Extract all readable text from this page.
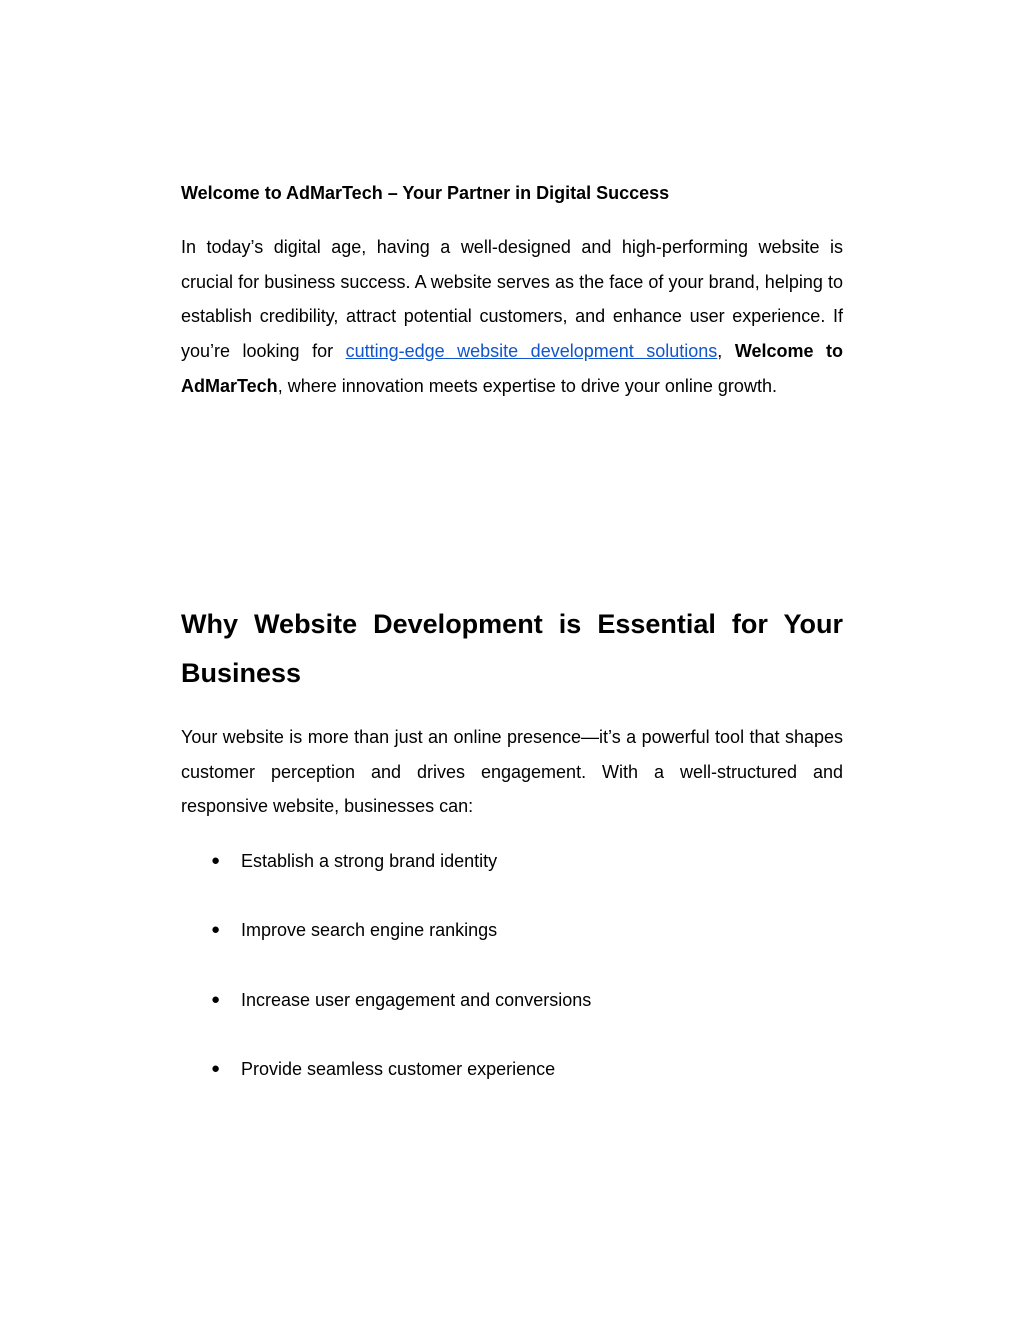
Welcome to AdMarTech – Your Partner in Digital Success

In today’s digital age, having a well-designed and high-performing website is crucial for business success. A website serves as the face of your brand, helping to establish credibility, attract potential customers, and enhance user experience. If you’re looking for cutting-edge website development solutions, Welcome to AdMarTech, where innovation meets expertise to drive your online growth.

Why Website Development is Essential for Your Business

Your website is more than just an online presence—it’s a powerful tool that shapes customer perception and drives engagement. With a well-structured and responsive website, businesses can:

● Establish a strong brand identity
● Improve search engine rankings
● Increase user engagement and conversions
● Provide seamless customer experience
